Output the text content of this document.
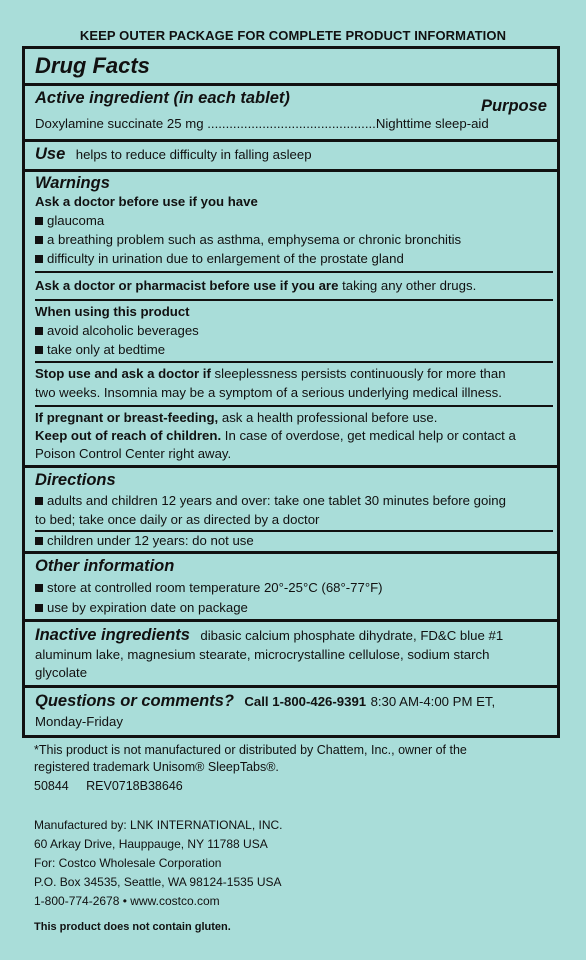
KEEP OUTER PACKAGE FOR COMPLETE PRODUCT INFORMATION
Drug Facts
Active ingredient (in each tablet)	Purpose
Doxylamine succinate 25 mg ..............................................Nighttime sleep-aid
Use helps to reduce difficulty in falling asleep
Warnings
Ask a doctor before use if you have
glaucoma
a breathing problem such as asthma, emphysema or chronic bronchitis
difficulty in urination due to enlargement of the prostate gland
Ask a doctor or pharmacist before use if you are taking any other drugs.
When using this product
avoid alcoholic beverages
take only at bedtime
Stop use and ask a doctor if sleeplessness persists continuously for more than
two weeks. Insomnia may be a symptom of a serious underlying medical illness.
If pregnant or breast-feeding, ask a health professional before use.
Keep out of reach of children. In case of overdose, get medical help or contact a
Poison Control Center right away.
Directions
adults and children 12 years and over: take one tablet 30 minutes before going
to bed; take once daily or as directed by a doctor
children under 12 years: do not use
Other information
store at controlled room temperature 20°-25°C (68°-77°F)
use by expiration date on package
Inactive ingredients dibasic calcium phosphate dihydrate, FD&C blue #1
aluminum lake, magnesium stearate, microcrystalline cellulose, sodium starch
glycolate
Questions or comments? Call 1-800-426-9391 8:30 AM-4:00 PM ET,
Monday-Friday
*This product is not manufactured or distributed by Chattem, Inc., owner of the
registered trademark Unisom® SleepTabs®.
50844     REV0718B38646
Manufactured by: LNK INTERNATIONAL, INC.
60 Arkay Drive, Hauppauge, NY 11788 USA
For: Costco Wholesale Corporation
P.O. Box 34535, Seattle, WA 98124-1535 USA
1-800-774-2678 • www.costco.com
This product does not contain gluten.
